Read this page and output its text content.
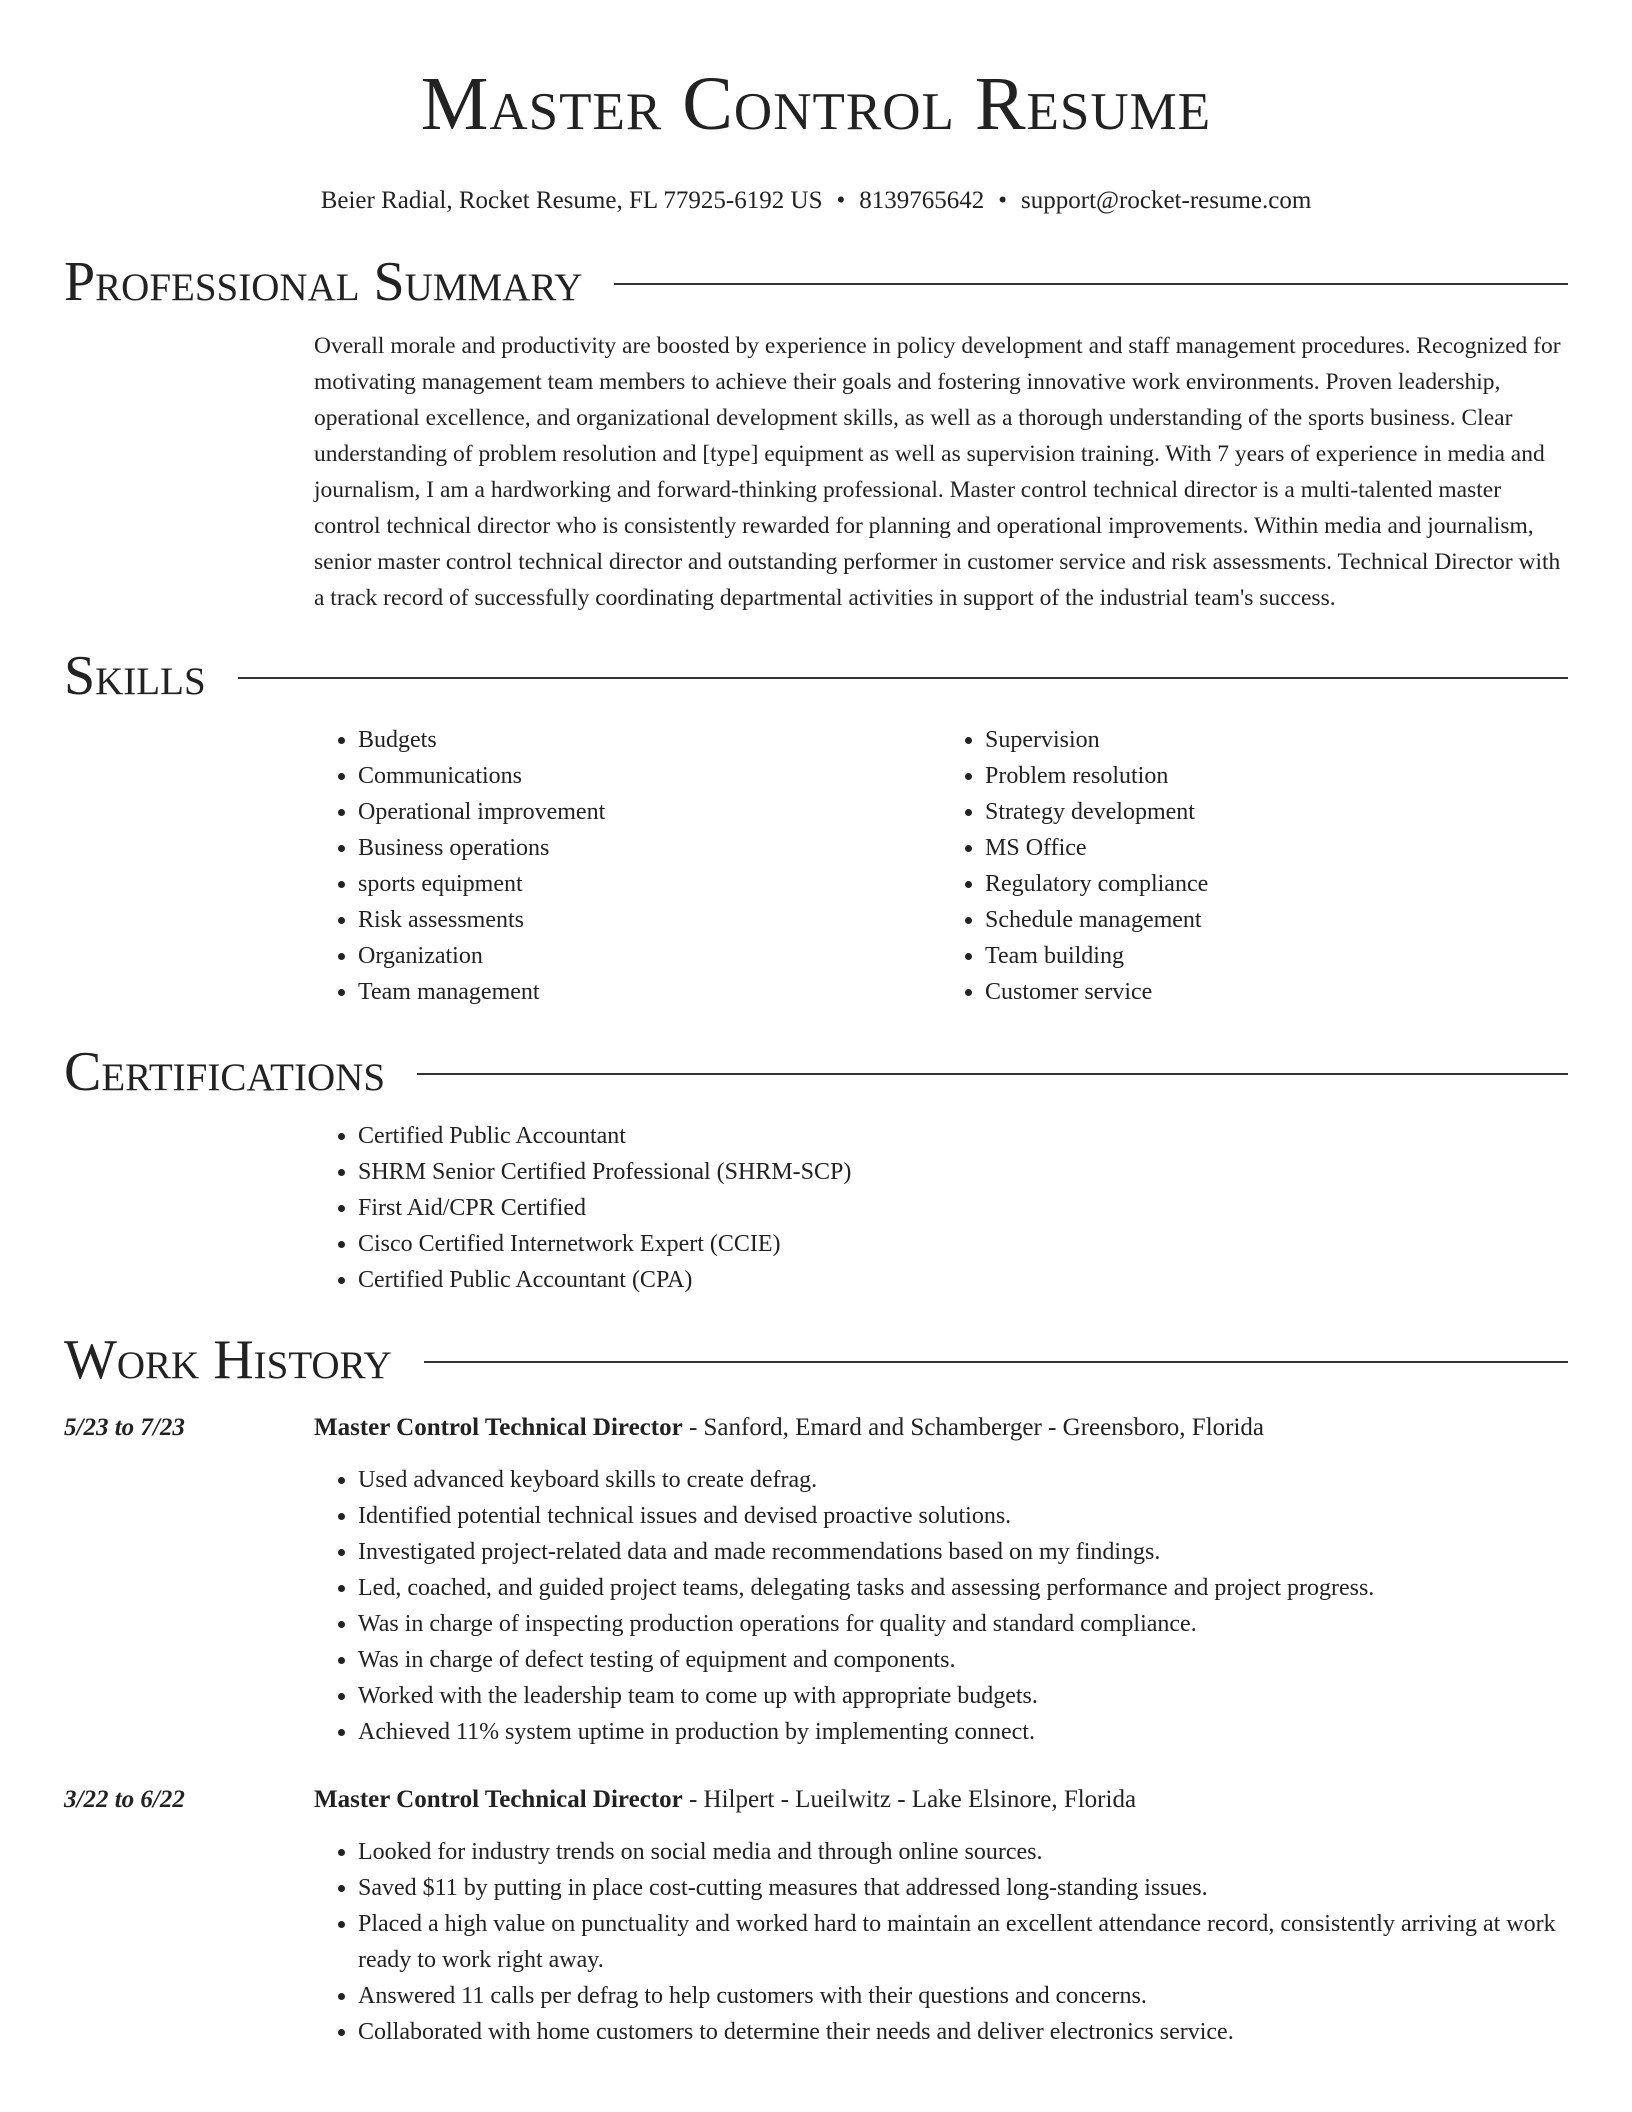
Master Control Resume
Beier Radial, Rocket Resume, FL 77925-6192 US • 8139765642 • support@rocket-resume.com
Professional Summary
Overall morale and productivity are boosted by experience in policy development and staff management procedures. Recognized for motivating management team members to achieve their goals and fostering innovative work environments. Proven leadership, operational excellence, and organizational development skills, as well as a thorough understanding of the sports business. Clear understanding of problem resolution and [type] equipment as well as supervision training. With 7 years of experience in media and journalism, I am a hardworking and forward-thinking professional. Master control technical director is a multi-talented master control technical director who is consistently rewarded for planning and operational improvements. Within media and journalism, senior master control technical director and outstanding performer in customer service and risk assessments. Technical Director with a track record of successfully coordinating departmental activities in support of the industrial team's success.
Skills
• Budgets
• Communications
• Operational improvement
• Business operations
• sports equipment
• Risk assessments
• Organization
• Team management
• Supervision
• Problem resolution
• Strategy development
• MS Office
• Regulatory compliance
• Schedule management
• Team building
• Customer service
Certifications
• Certified Public Accountant
• SHRM Senior Certified Professional (SHRM-SCP)
• First Aid/CPR Certified
• Cisco Certified Internetwork Expert (CCIE)
• Certified Public Accountant (CPA)
Work History
5/23 to 7/23	Master Control Technical Director - Sanford, Emard and Schamberger - Greensboro, Florida
• Used advanced keyboard skills to create defrag.
• Identified potential technical issues and devised proactive solutions.
• Investigated project-related data and made recommendations based on my findings.
• Led, coached, and guided project teams, delegating tasks and assessing performance and project progress.
• Was in charge of inspecting production operations for quality and standard compliance.
• Was in charge of defect testing of equipment and components.
• Worked with the leadership team to come up with appropriate budgets.
• Achieved 11% system uptime in production by implementing connect.
3/22 to 6/22	Master Control Technical Director - Hilpert - Lueilwitz - Lake Elsinore, Florida
• Looked for industry trends on social media and through online sources.
• Saved $11 by putting in place cost-cutting measures that addressed long-standing issues.
• Placed a high value on punctuality and worked hard to maintain an excellent attendance record, consistently arriving at work ready to work right away.
• Answered 11 calls per defrag to help customers with their questions and concerns.
• Collaborated with home customers to determine their needs and deliver electronics service.
